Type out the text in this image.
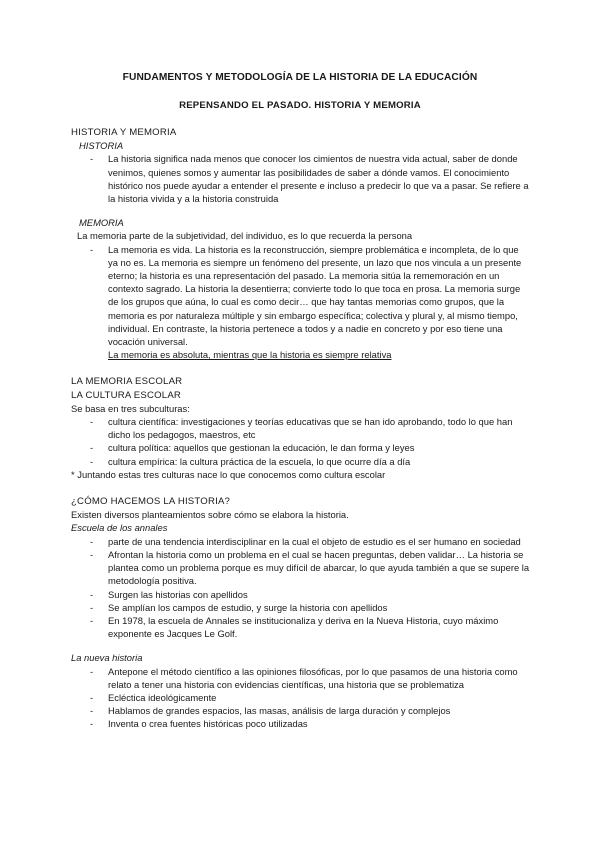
FUNDAMENTOS Y METODOLOGÍA DE LA HISTORIA DE LA EDUCACIÓN
REPENSANDO EL PASADO. HISTORIA Y MEMORIA

HISTORIA Y MEMORIA

HISTORIA

- La historia significa nada menos que conocer los cimientos de nuestra vida actual, saber de donde venimos, quienes somos y aumentar las posibilidades de saber a dónde vamos. El conocimiento histórico nos puede ayudar a entender el presente e incluso a predecir lo que va a pasar. Se refiere a la historia vivida y a la historia construida

MEMORIA

La memoria parte de la subjetividad, del individuo, es lo que recuerda la persona

- La memoria es vida. La historia es la reconstrucción, siempre problemática e incompleta, de lo que ya no es. La memoria es siempre un fenómeno del presente, un lazo que nos vincula a un presente eterno; la historia es una representación del pasado. La memoria sitúa la rememoración en un contexto sagrado. La historia la desentierra; convierte todo lo que toca en prosa. La memoria surge de los grupos que aúna, lo cual es como decir… que hay tantas memorias como grupos, que la memoria es por naturaleza múltiple y sin embargo específica; colectiva y plural y, al mismo tiempo, individual. En contraste, la historia pertenece a todos y a nadie en concreto y por eso tiene una vocación universal.
La memoria es absoluta, mientras que la historia es siempre relativa

LA MEMORIA ESCOLAR

LA CULTURA ESCOLAR

Se basa en tres subculturas:

- cultura científica: investigaciones y teorías educativas que se han ido aprobando, todo lo que han dicho los pedagogos, maestros, etc
- cultura política: aquellos que gestionan la educación, le dan forma y leyes
- cultura empírica: la cultura práctica de la escuela, lo que ocurre día a día

* Juntando estas tres culturas nace lo que conocemos como cultura escolar

¿CÓMO HACEMOS LA HISTORIA?

Existen diversos planteamientos sobre cómo se elabora la historia.

Escuela de los annales

- parte de una tendencia interdisciplinar en la cual el objeto de estudio es el ser humano en sociedad
- Afrontan la historia como un problema en el cual se hacen preguntas, deben validar… La historia se plantea como un problema porque es muy difícil de abarcar, lo que ayuda también a que se supere la metodología positiva.
- Surgen las historias con apellidos
- Se amplían los campos de estudio, y surge la historia con apellidos
- En 1978, la escuela de Annales se institucionaliza y deriva en la Nueva Historia, cuyo máximo exponente es Jacques Le Golf.

La nueva historia

- Antepone el método científico a las opiniones filosóficas, por lo que pasamos de una historia como relato a tener una historia con evidencias científicas, una historia que se problematiza
- Ecléctica ideológicamente
- Hablamos de grandes espacios, las masas, análisis de larga duración y complejos
- Inventa o crea fuentes históricas poco utilizadas
